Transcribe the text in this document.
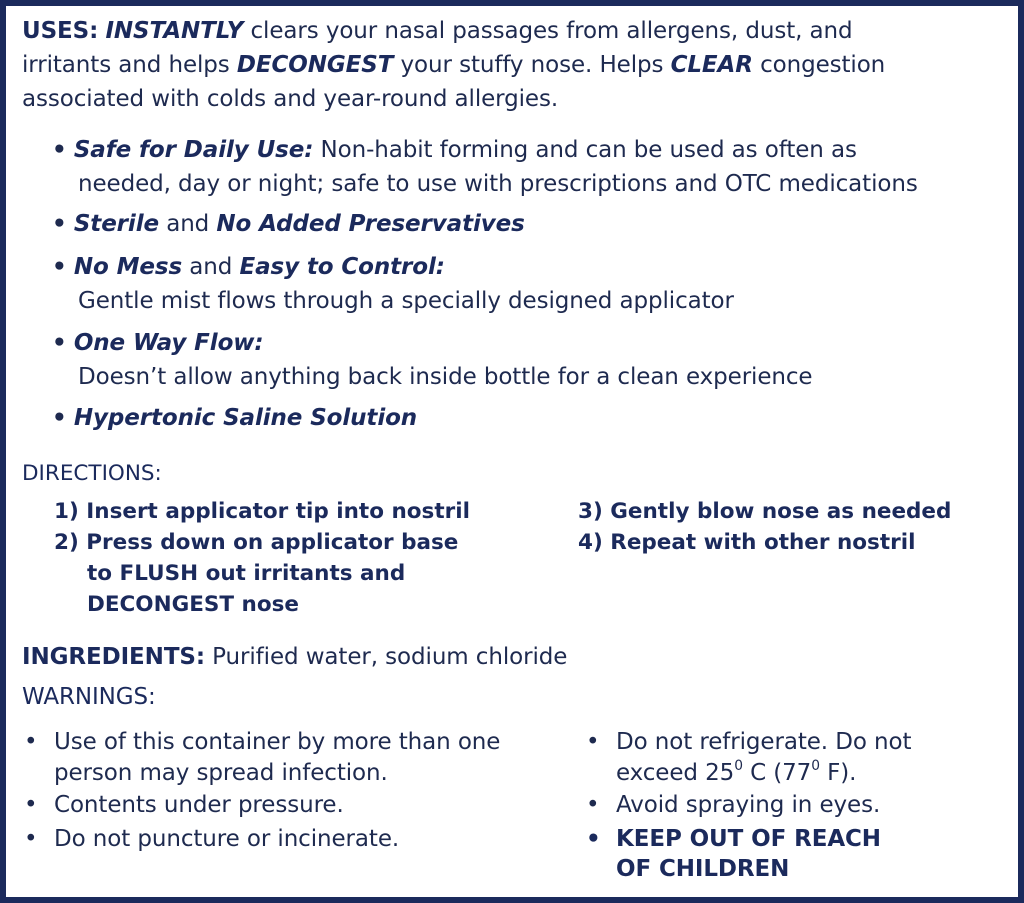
USES: INSTANTLY clears your nasal passages from allergens, dust, and
irritants and helps DECONGEST your stuffy nose. Helps CLEAR congestion
associated with colds and year-round allergies.
• Safe for Daily Use: Non-habit forming and can be used as often as
needed, day or night; safe to use with prescriptions and OTC medications
• Sterile and No Added Preservatives
• No Mess and Easy to Control:
Gentle mist flows through a specially designed applicator
• One Way Flow:
Doesn’t allow anything back inside bottle for a clean experience
• Hypertonic Saline Solution
DIRECTIONS:
1) Insert applicator tip into nostril
2) Press down on applicator base
to FLUSH out irritants and
DECONGEST nose
3) Gently blow nose as needed
4) Repeat with other nostril
INGREDIENTS: Purified water, sodium chloride
WARNINGS:
• Use of this container by more than one
person may spread infection.
• Contents under pressure.
• Do not puncture or incinerate.
• Do not refrigerate. Do not
exceed $25^0$ C ($77^0$ F).
• Avoid spraying in eyes.
• KEEP OUT OF REACH
OF CHILDREN
